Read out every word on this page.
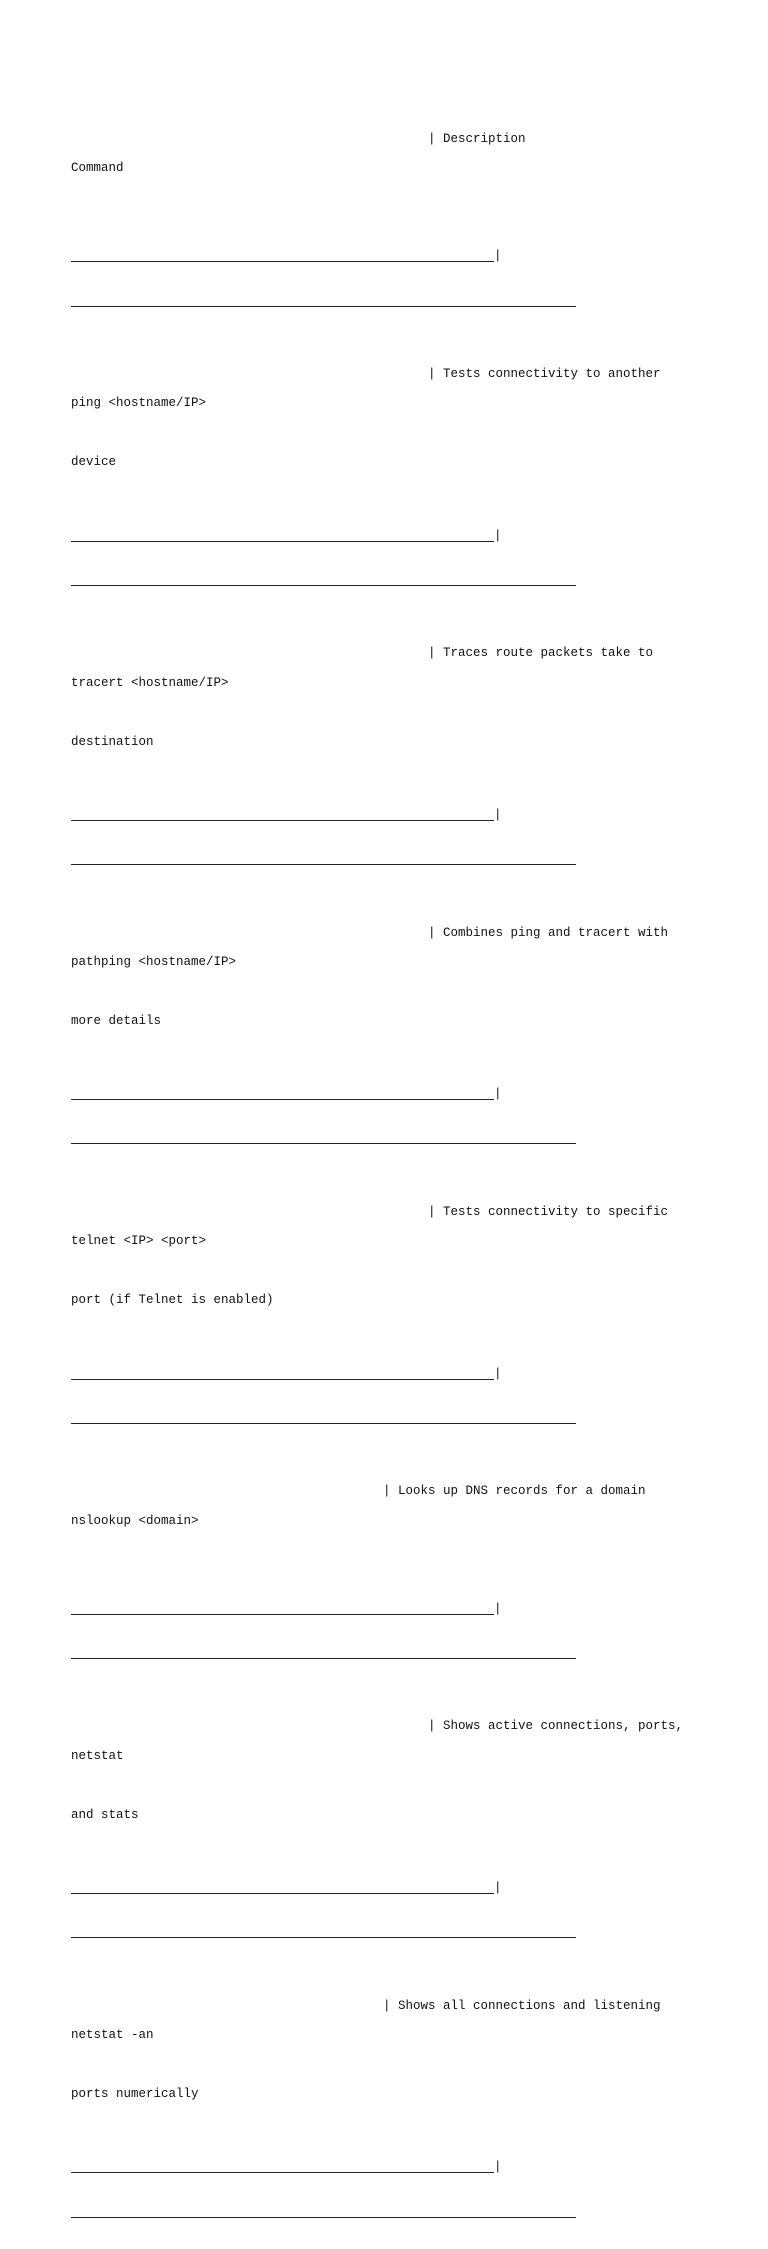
Command

| Description

|

ping <hostname/IP>

| Tests connectivity to another

device

|

tracert <hostname/IP>

| Traces route packets take to

destination

|

pathping <hostname/IP>

| Combines ping and tracert with

more details

|

telnet <IP> <port>

| Tests connectivity to specific

port (if Telnet is enabled)

|

nslookup <domain>

| Looks up DNS records for a domain

|

netstat

| Shows active connections, ports,

and stats

|

netstat -an

| Shows all connections and listening

ports numerically

|
